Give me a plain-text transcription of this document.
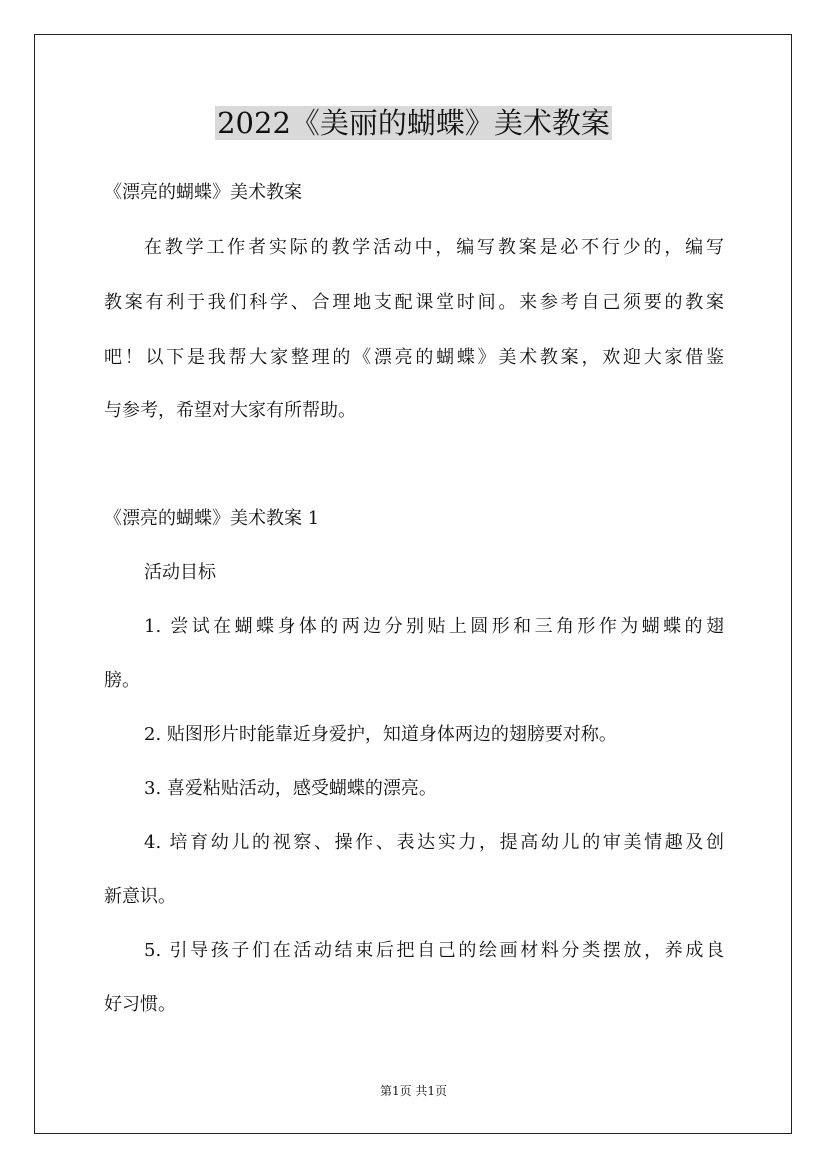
2022《美丽的蝴蝶》美术教案

《漂亮的蝴蝶》美术教案

在教学工作者实际的教学活动中，编写教案是必不行少的，编写

教案有利于我们科学、合理地支配课堂时间。来参考自己须要的教案

吧！以下是我帮大家整理的《漂亮的蝴蝶》美术教案，欢迎大家借鉴

与参考，希望对大家有所帮助。

《漂亮的蝴蝶》美术教案 1

活动目标

1. 尝试在蝴蝶身体的两边分别贴上圆形和三角形作为蝴蝶的翅

膀。

2. 贴图形片时能靠近身爱护，知道身体两边的翅膀要对称。

3. 喜爱粘贴活动，感受蝴蝶的漂亮。

4. 培育幼儿的视察、操作、表达实力，提高幼儿的审美情趣及创

新意识。

5. 引导孩子们在活动结束后把自己的绘画材料分类摆放，养成良

好习惯。

第1页 共1页
